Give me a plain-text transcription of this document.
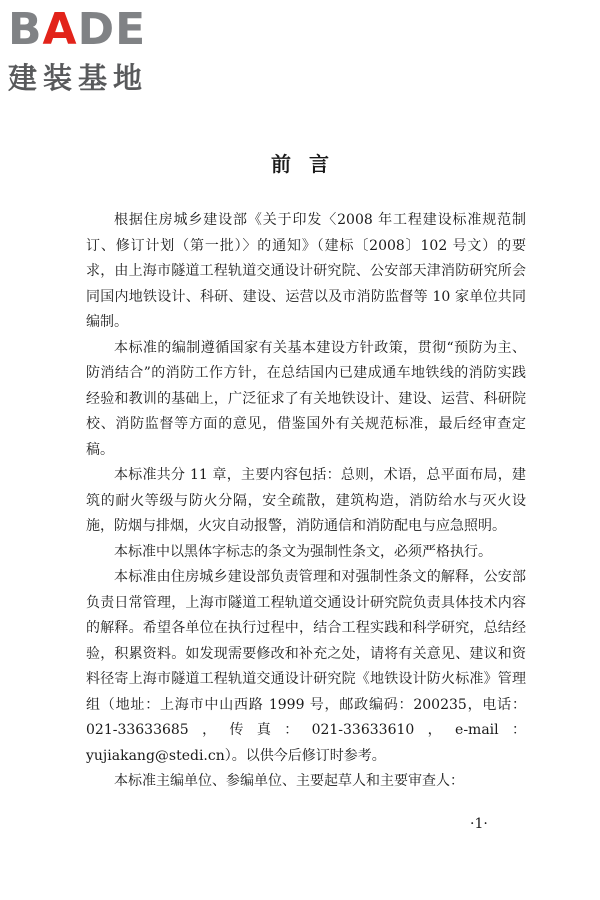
BADE
建装基地
前言

根据住房城乡建设部《关于印发〈2008 年工程建设标准规范制订、修订计划（第一批）〉的通知》（建标〔2008〕102 号文）的要求，由上海市隧道工程轨道交通设计研究院、公安部天津消防研究所会同国内地铁设计、科研、建设、运营以及市消防监督等 10 家单位共同编制。

本标准的编制遵循国家有关基本建设方针政策，贯彻“预防为主、防消结合”的消防工作方针，在总结国内已建成通车地铁线的消防实践经验和教训的基础上，广泛征求了有关地铁设计、建设、运营、科研院校、消防监督等方面的意见，借鉴国外有关规范标准，最后经审查定稿。

本标准共分 11 章，主要内容包括：总则，术语，总平面布局，建筑的耐火等级与防火分隔，安全疏散，建筑构造，消防给水与灭火设施，防烟与排烟，火灾自动报警，消防通信和消防配电与应急照明。

本标准中以黑体字标志的条文为强制性条文，必须严格执行。

本标准由住房城乡建设部负责管理和对强制性条文的解释，公安部负责日常管理，上海市隧道工程轨道交通设计研究院负责具体技术内容的解释。希望各单位在执行过程中，结合工程实践和科学研究，总结经验，积累资料。如发现需要修改和补充之处，请将有关意见、建议和资料径寄上海市隧道工程轨道交通设计研究院《地铁设计防火标准》管理组（地址：上海市中山西路 1999 号，邮政编码：200235，电话：021-33633685，传真：021-33633610，e-mail：yujiakang@stedi.cn）。以供今后修订时参考。

本标准主编单位、参编单位、主要起草人和主要审查人：

·1·
